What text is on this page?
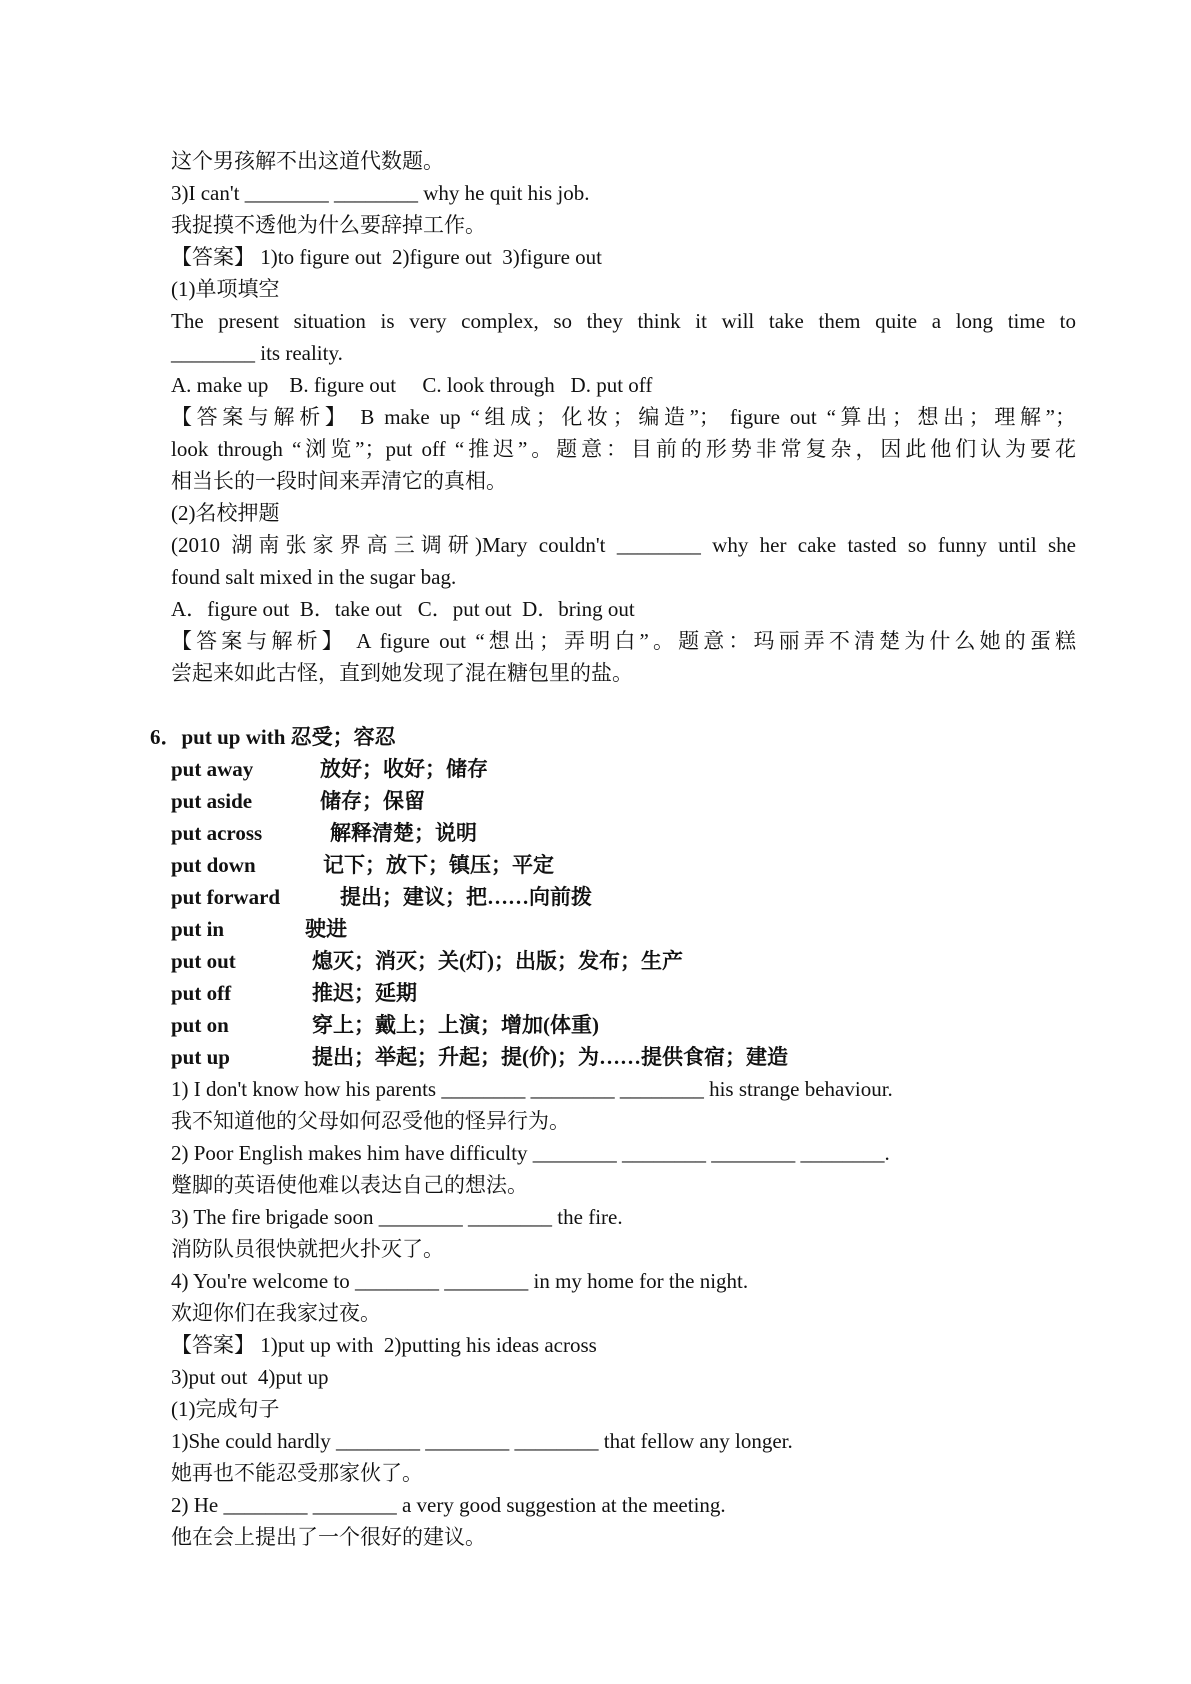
这个男孩解不出这道代数题。
3)I can't ________ ________ why he quit his job.
我捉摸不透他为什么要辞掉工作。
【答案】 1)to figure out  2)figure out  3)figure out
(1)单项填空
The present situation is very complex, so they think it will take them quite a long time to
________ its reality.
A. make up    B. figure out     C. look through   D. put off
【答案与解析】 B make up “组成；化妆；编造”； figure out “算出；想出；理解”；
look through “浏览”；put off “推迟”。题意：目前的形势非常复杂，因此他们认为要花
相当长的一段时间来弄清它的真相。
(2)名校押题
(2010 湖南张家界高三调研)Mary couldn't ________ why her cake tasted so funny until she
found salt mixed in the sugar bag.
A．figure out  B．take out   C．put out  D．bring out
【答案与解析】 A figure out “想出；弄明白”。题意：玛丽弄不清楚为什么她的蛋糕
尝起来如此古怪，直到她发现了混在糖包里的盐。
6．put up with 忍受；容忍
put away	放好；收好；储存
put aside	储存；保留
put across	解释清楚；说明
put down	记下；放下；镇压；平定
put forward	提出；建议；把……向前拨
put in	驶进
put out	熄灭；消灭；关(灯)；出版；发布；生产
put off	推迟；延期
put on	穿上；戴上；上演；增加(体重)
put up	提出；举起；升起；提(价)；为……提供食宿；建造
1) I don't know how his parents ________ ________ ________ his strange behaviour.
我不知道他的父母如何忍受他的怪异行为。
2) Poor English makes him have difficulty ________ ________ ________ ________.
蹩脚的英语使他难以表达自己的想法。
3) The fire brigade soon ________ ________ the fire.
消防队员很快就把火扑灭了。
4) You're welcome to ________ ________ in my home for the night.
欢迎你们在我家过夜。
【答案】 1)put up with  2)putting his ideas across
3)put out  4)put up
(1)完成句子
1)She could hardly ________ ________ ________ that fellow any longer.
她再也不能忍受那家伙了。
2) He ________ ________ a very good suggestion at the meeting.
他在会上提出了一个很好的建议。
